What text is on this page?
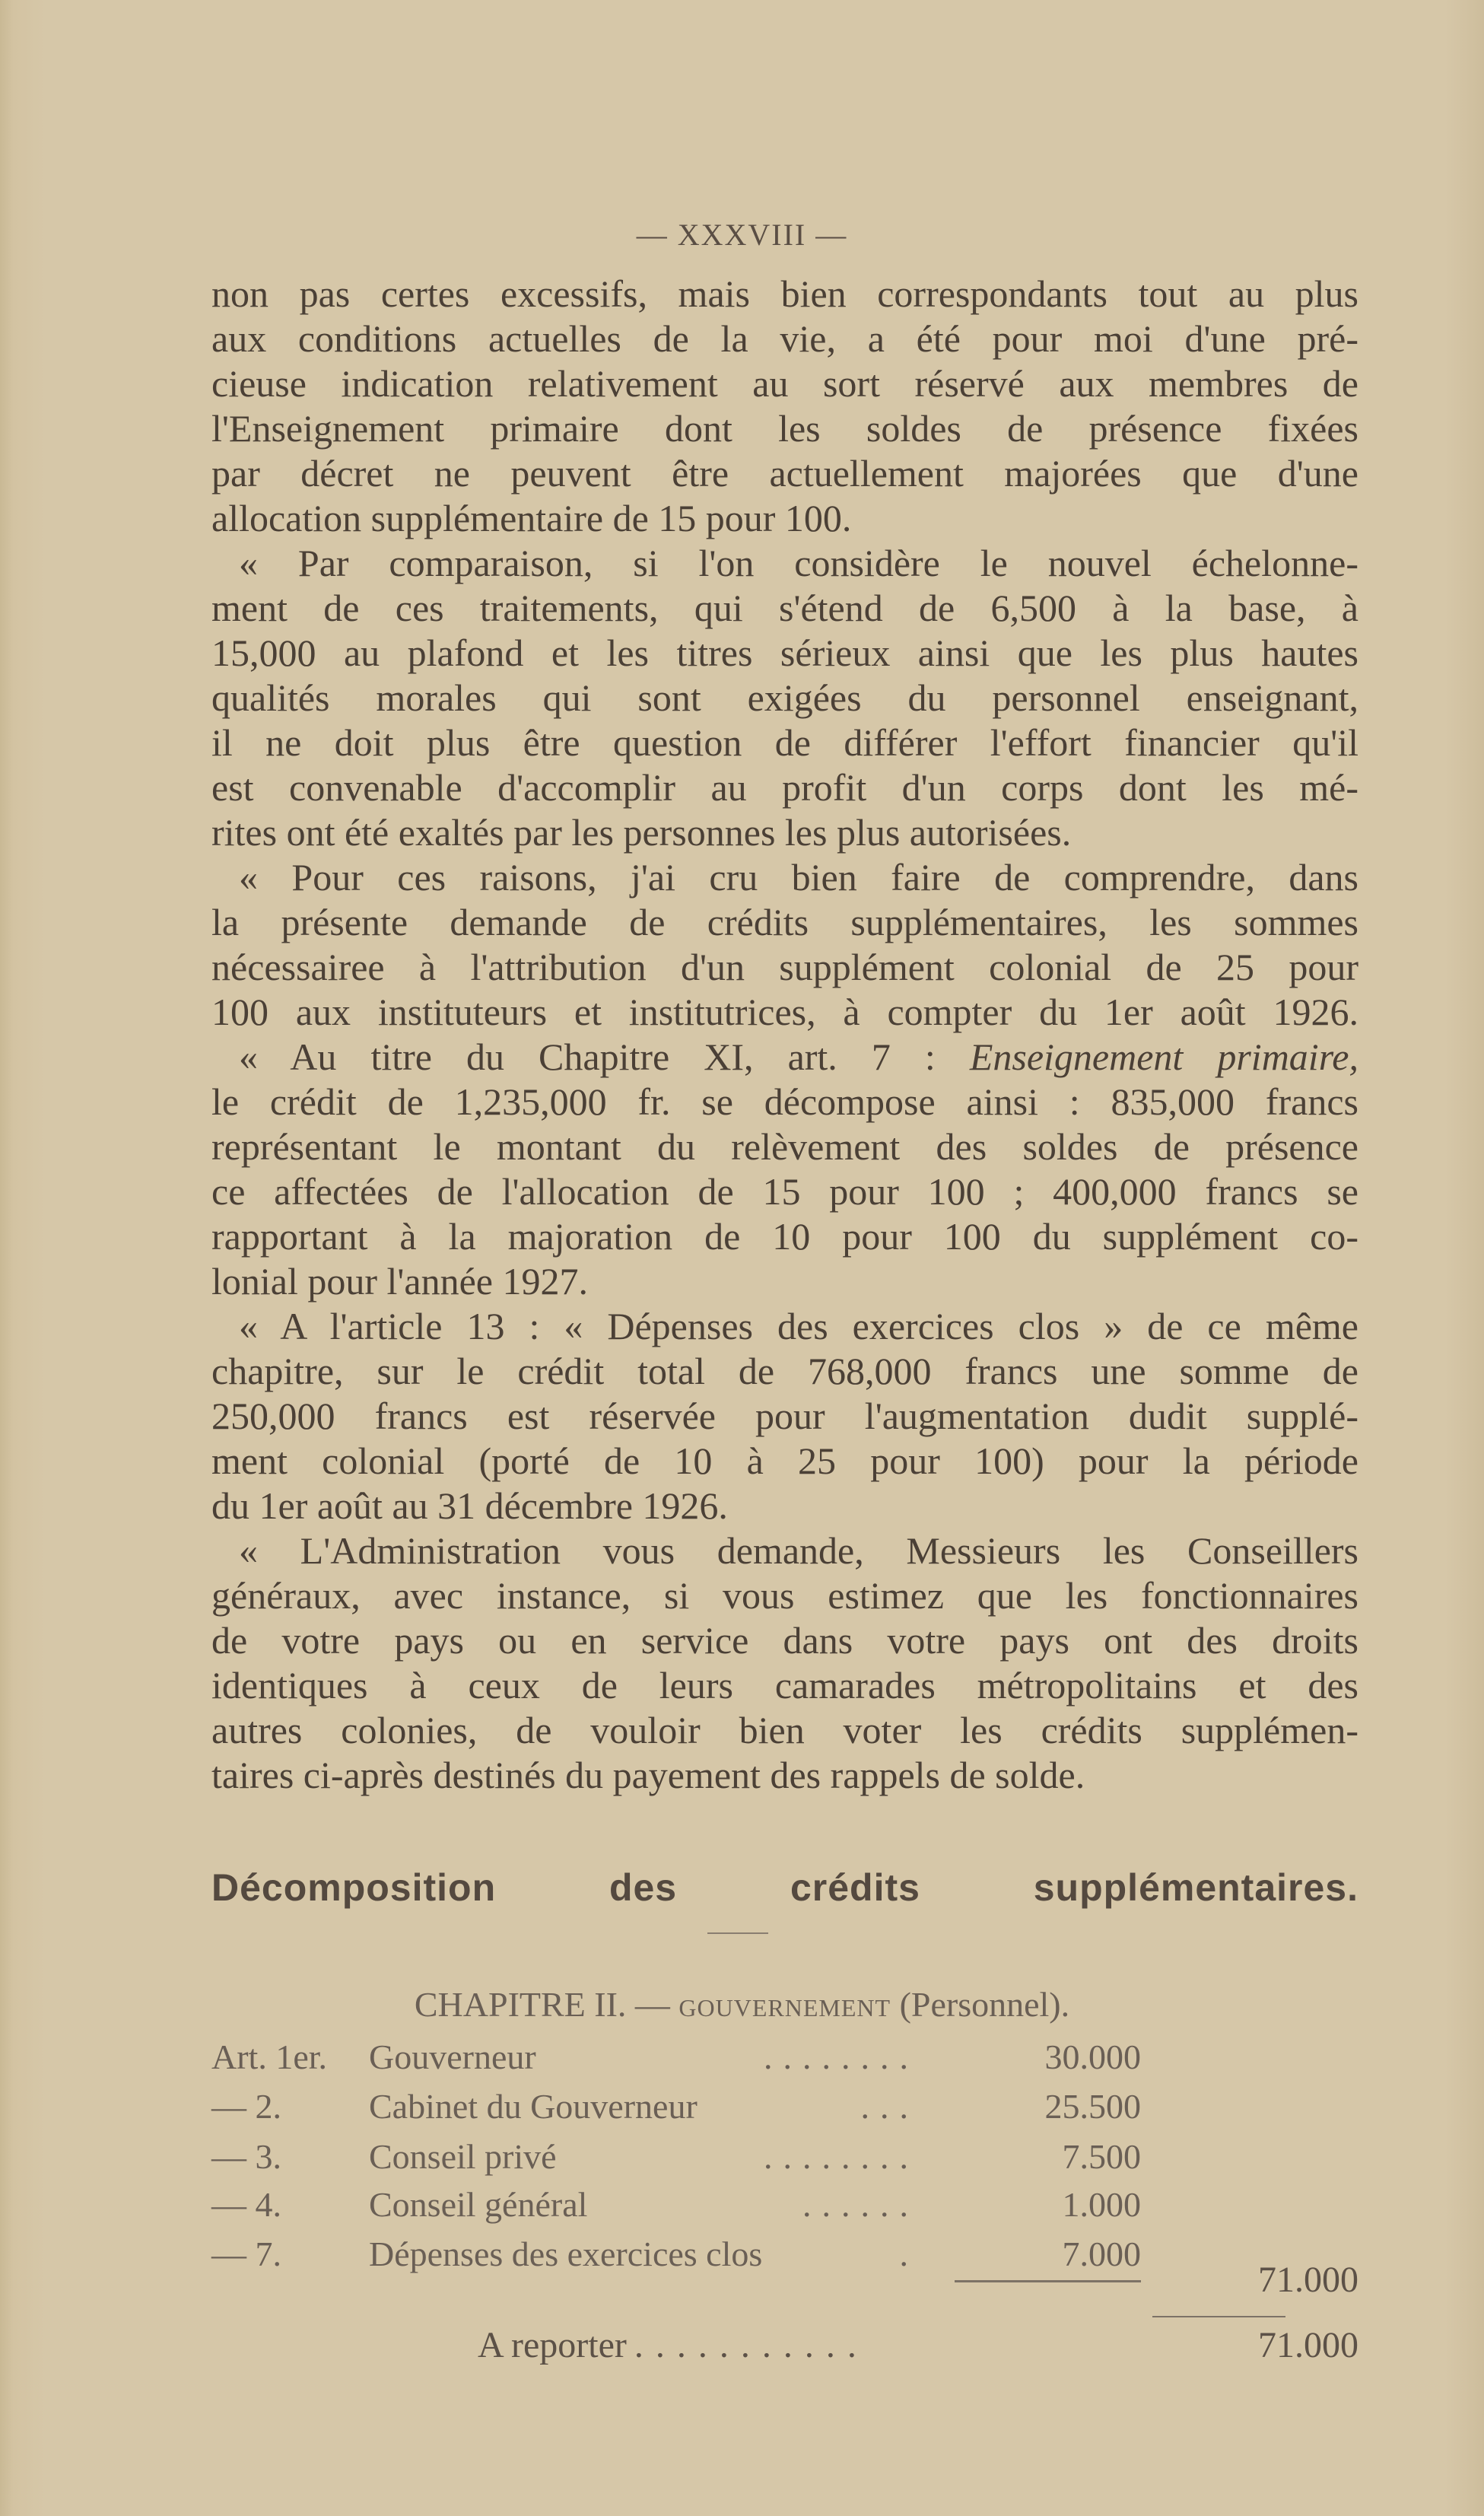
— XXXVIII —
non pas certes excessifs, mais bien correspondants tout au plus
aux conditions actuelles de la vie, a été pour moi d'une pré-
cieuse indication relativement au sort réservé aux membres de
l'Enseignement primaire dont les soldes de présence fixées
par décret ne peuvent être actuellement majorées que d'une
allocation supplémentaire de 15 pour 100.
« Par comparaison, si l'on considère le nouvel échelonne-
ment de ces traitements, qui s'étend de 6,500 à la base, à
15,000 au plafond et les titres sérieux ainsi que les plus hautes
qualités morales qui sont exigées du personnel enseignant,
il ne doit plus être question de différer l'effort financier qu'il
est convenable d'accomplir au profit d'un corps dont les mé-
rites ont été exaltés par les personnes les plus autorisées.
« Pour ces raisons, j'ai cru bien faire de comprendre, dans
la présente demande de crédits supplémentaires, les sommes
nécessairee à l'attribution d'un supplément colonial de 25 pour
100 aux instituteurs et institutrices, à compter du 1er août 1926.
« Au titre du Chapitre XI, art. 7 : Enseignement primaire,
le crédit de 1,235,000 fr. se décompose ainsi : 835,000 francs
représentant le montant du relèvement des soldes de présence
ce affectées de l'allocation de 15 pour 100 ; 400,000 francs se
rapportant à la majoration de 10 pour 100 du supplément co-
lonial pour l'année 1927.
« A l'article 13 : « Dépenses des exercices clos » de ce même
chapitre, sur le crédit total de 768,000 francs une somme de
250,000 francs est réservée pour l'augmentation dudit supplé-
ment colonial (porté de 10 à 25 pour 100) pour la période
du 1er août au 31 décembre 1926.
« L'Administration vous demande, Messieurs les Conseillers
généraux, avec instance, si vous estimez que les fonctionnaires
de votre pays ou en service dans votre pays ont des droits
identiques à ceux de leurs camarades métropolitains et des
autres colonies, de vouloir bien voter les crédits supplémen-
taires ci-après destinés du payement des rappels de solde.
Décomposition des crédits supplémentaires.
CHAPITRE II. — GOUVERNEMENT (Personnel).
Art. 1er. Gouverneur	........	30.000
— 2.	Cabinet du Gouverneur	...	25.500
— 3.	Conseil privé	........	7.500
— 4.	Conseil général	......	1.000
— 7.	Dépenses des exercices clos	.	7.000
71.000
A reporter ...........	71.000
